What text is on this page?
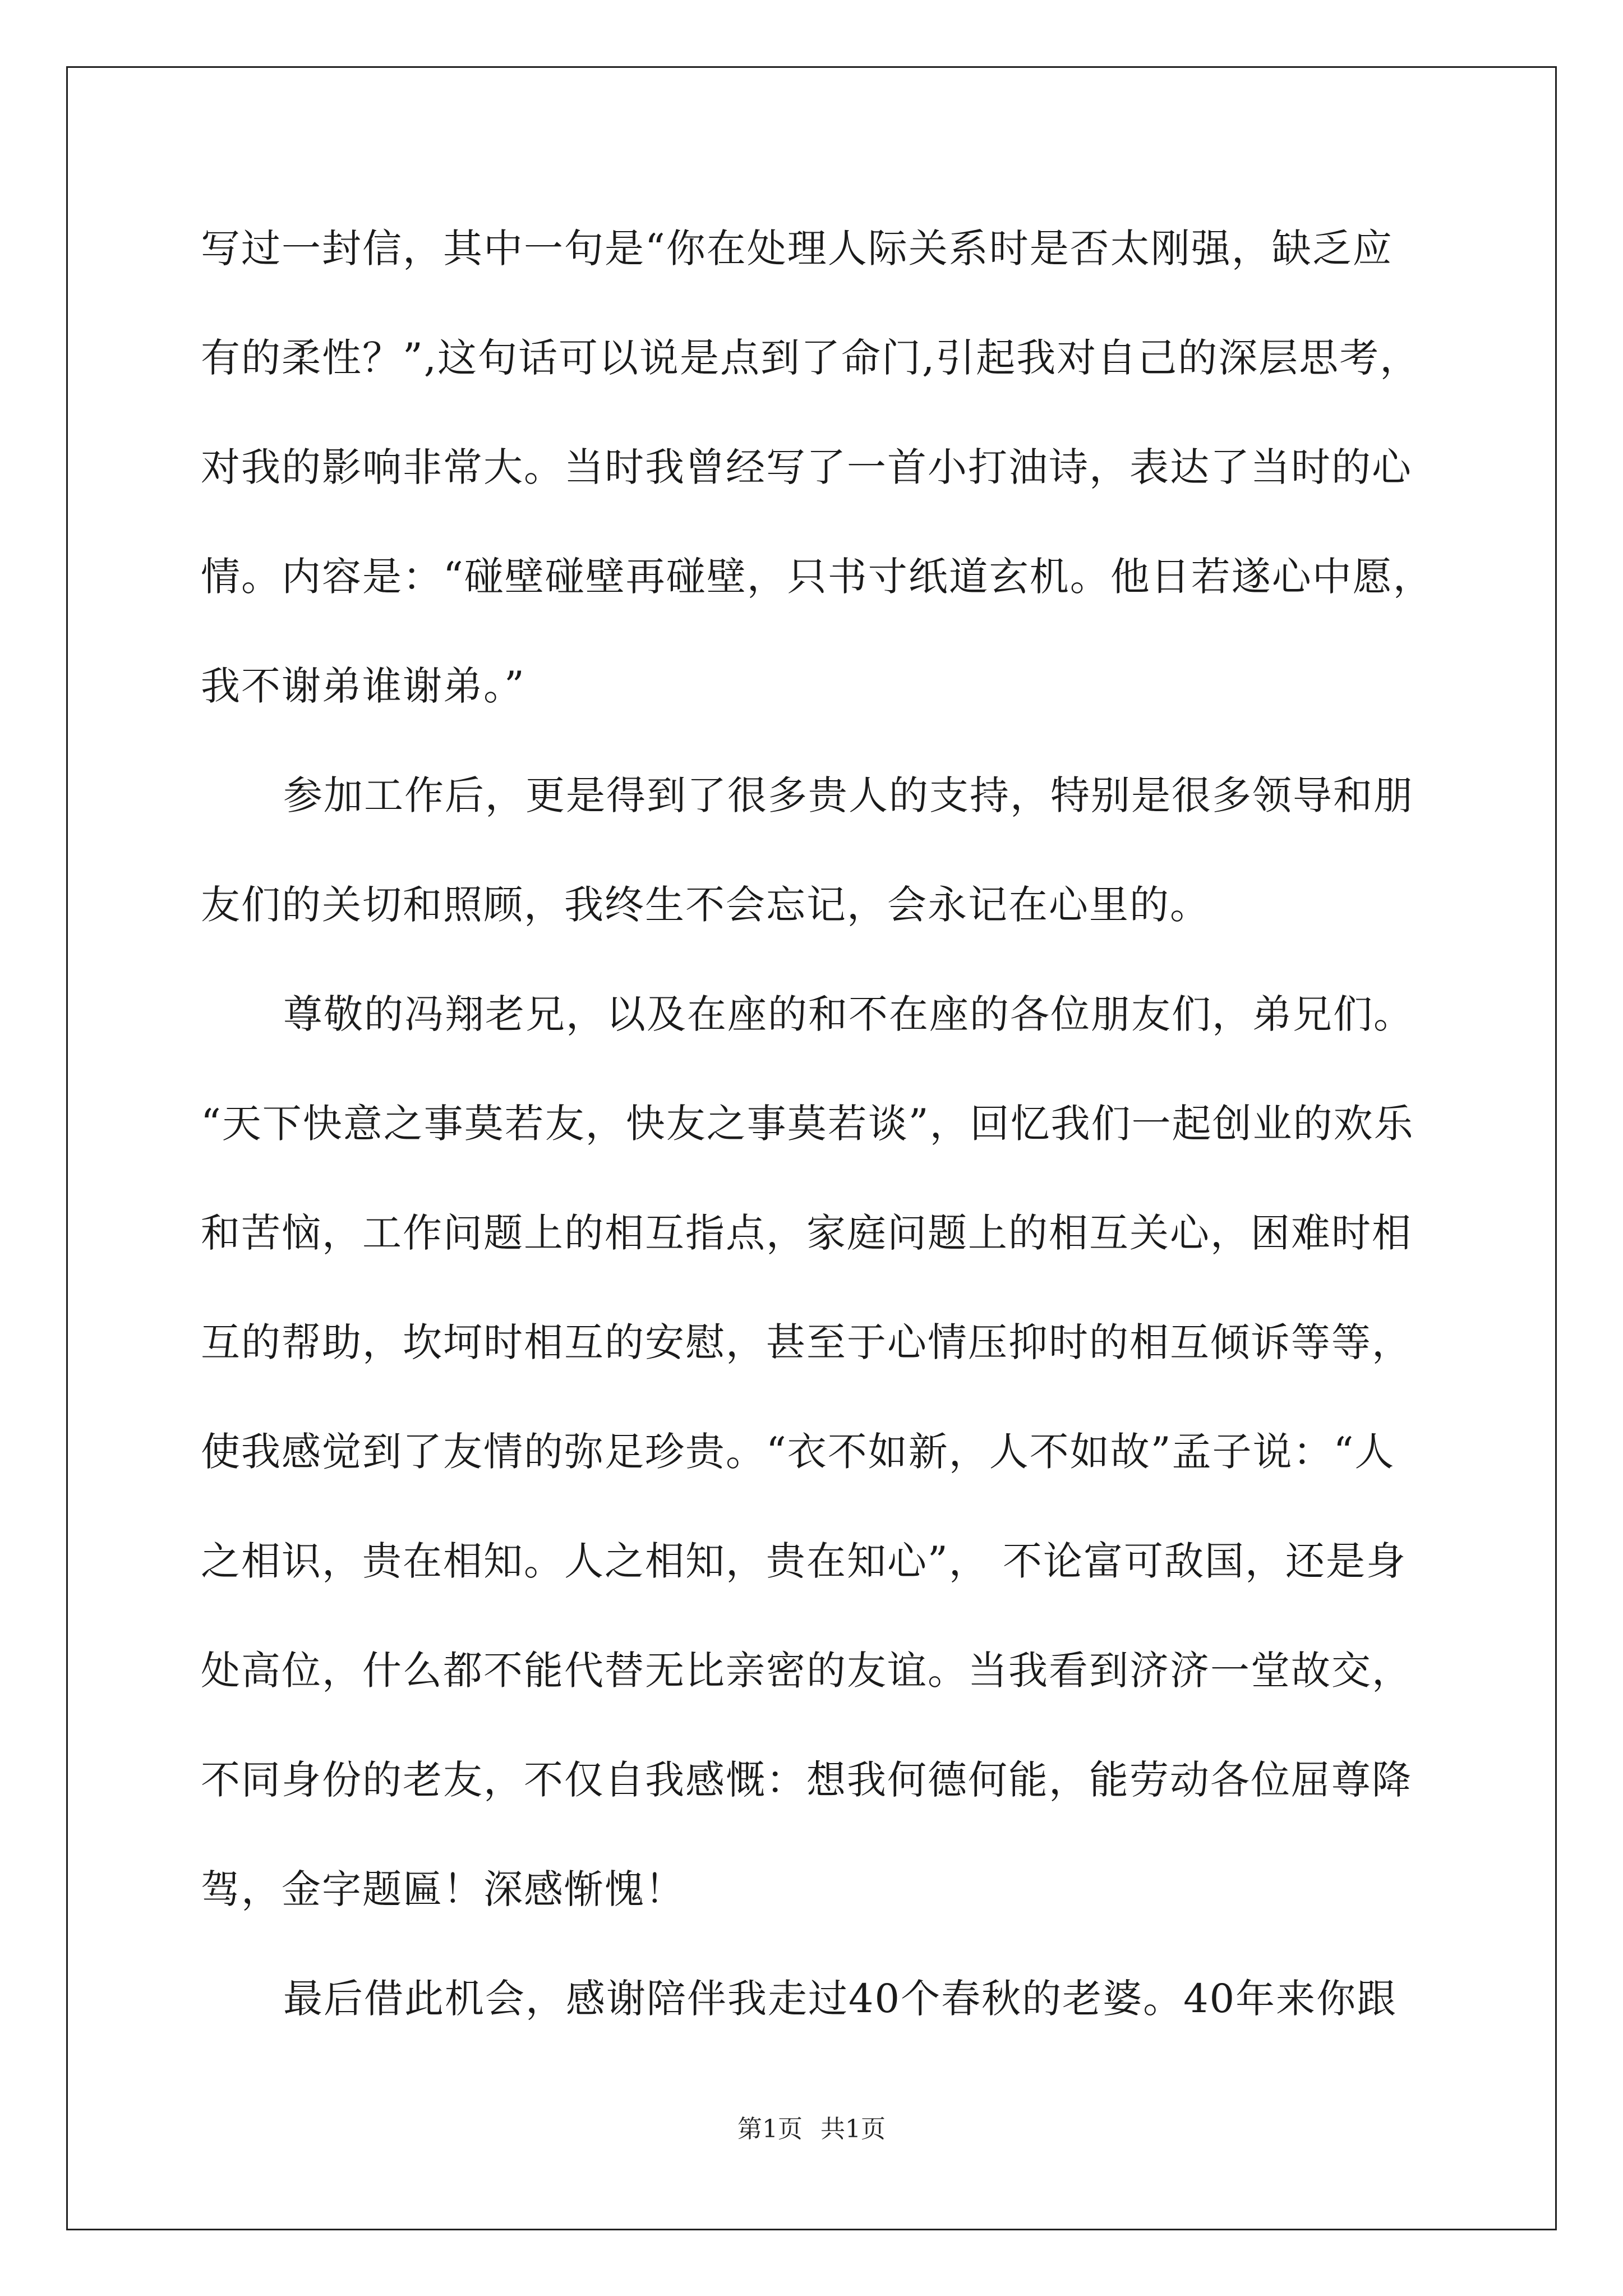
写过一封信，其中一句是“你在处理人际关系时是否太刚强，缺乏应

有的柔性？”,这句话可以说是点到了命门,引起我对自己的深层思考，

对我的影响非常大。当时我曾经写了一首小打油诗，表达了当时的心

情。内容是：“碰壁碰壁再碰壁，只书寸纸道玄机。他日若遂心中愿，

我不谢弟谁谢弟。”

参加工作后，更是得到了很多贵人的支持，特别是很多领导和朋

友们的关切和照顾，我终生不会忘记，会永记在心里的。

尊敬的冯翔老兄，以及在座的和不在座的各位朋友们，弟兄们。

“天下快意之事莫若友，快友之事莫若谈”，回忆我们一起创业的欢乐

和苦恼，工作问题上的相互指点，家庭问题上的相互关心，困难时相

互的帮助，坎坷时相互的安慰，甚至于心情压抑时的相互倾诉等等，

使我感觉到了友情的弥足珍贵。“衣不如新，人不如故”孟子说：“人

之相识，贵在相知。人之相知，贵在知心”， 不论富可敌国，还是身

处高位，什么都不能代替无比亲密的友谊。当我看到济济一堂故交，

不同身份的老友，不仅自我感慨：想我何德何能，能劳动各位屈尊降

驾，金字题匾！深感惭愧！

最后借此机会，感谢陪伴我走过40个春秋的老婆。40年来你跟

第1页 共1页
